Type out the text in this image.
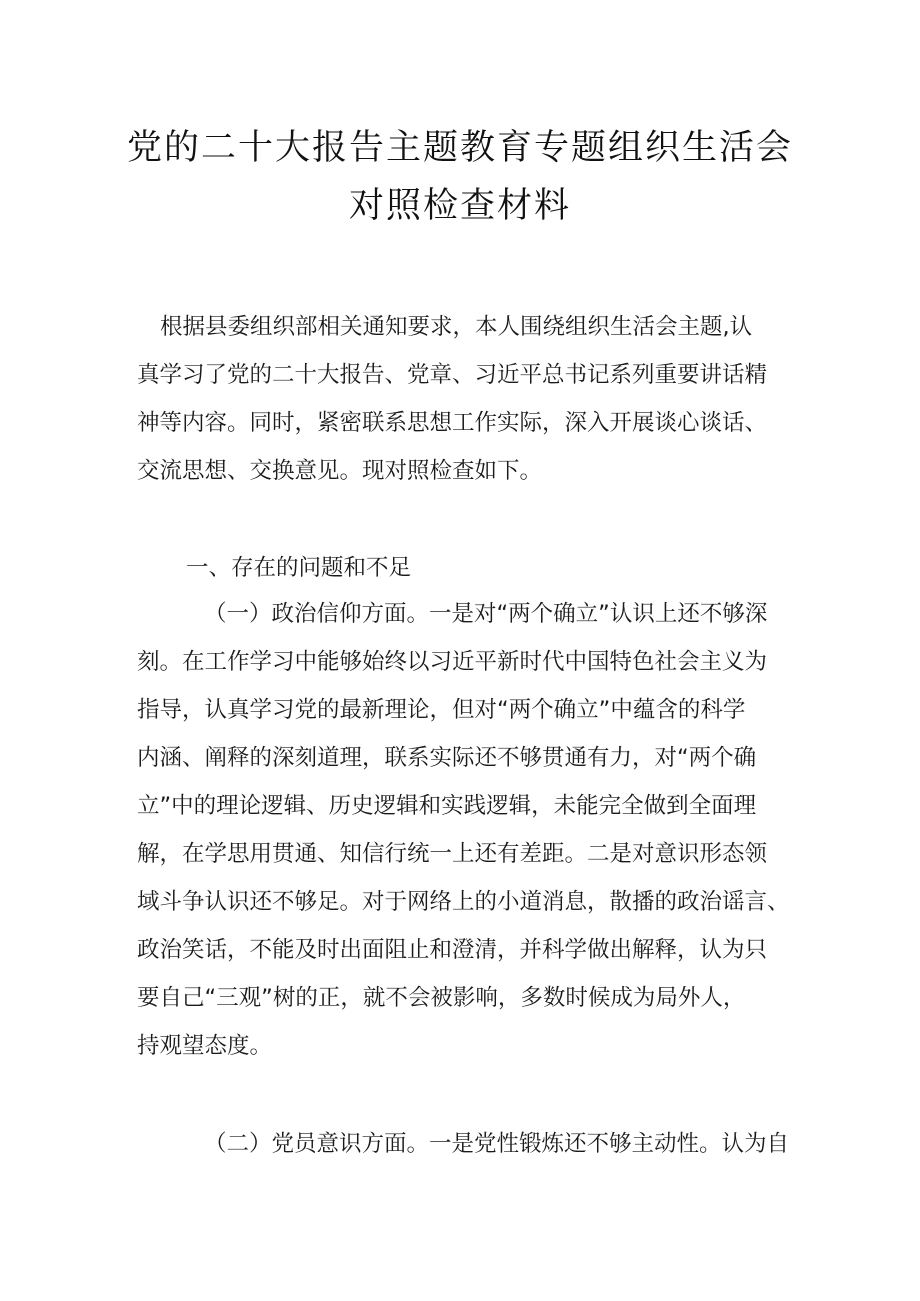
党的二十大报告主题教育专题组织生活会
对照检查材料
根据县委组织部相关通知要求，本人围绕组织生活会主题,认
真学习了党的二十大报告、党章、习近平总书记系列重要讲话精
神等内容。同时，紧密联系思想工作实际，深入开展谈心谈话、
交流思想、交换意见。现对照检查如下。
一、存在的问题和不足
（一）政治信仰方面。一是对“两个确立”认识上还不够深
刻。在工作学习中能够始终以习近平新时代中国特色社会主义为
指导，认真学习党的最新理论，但对“两个确立”中蕴含的科学
内涵、阐释的深刻道理，联系实际还不够贯通有力，对“两个确
立”中的理论逻辑、历史逻辑和实践逻辑，未能完全做到全面理
解，在学思用贯通、知信行统一上还有差距。二是对意识形态领
域斗争认识还不够足。对于网络上的小道消息，散播的政治谣言、
政治笑话，不能及时出面阻止和澄清，并科学做出解释，认为只
要自己“三观”树的正，就不会被影响，多数时候成为局外人，
持观望态度。
（二）党员意识方面。一是党性锻炼还不够主动性。认为自
